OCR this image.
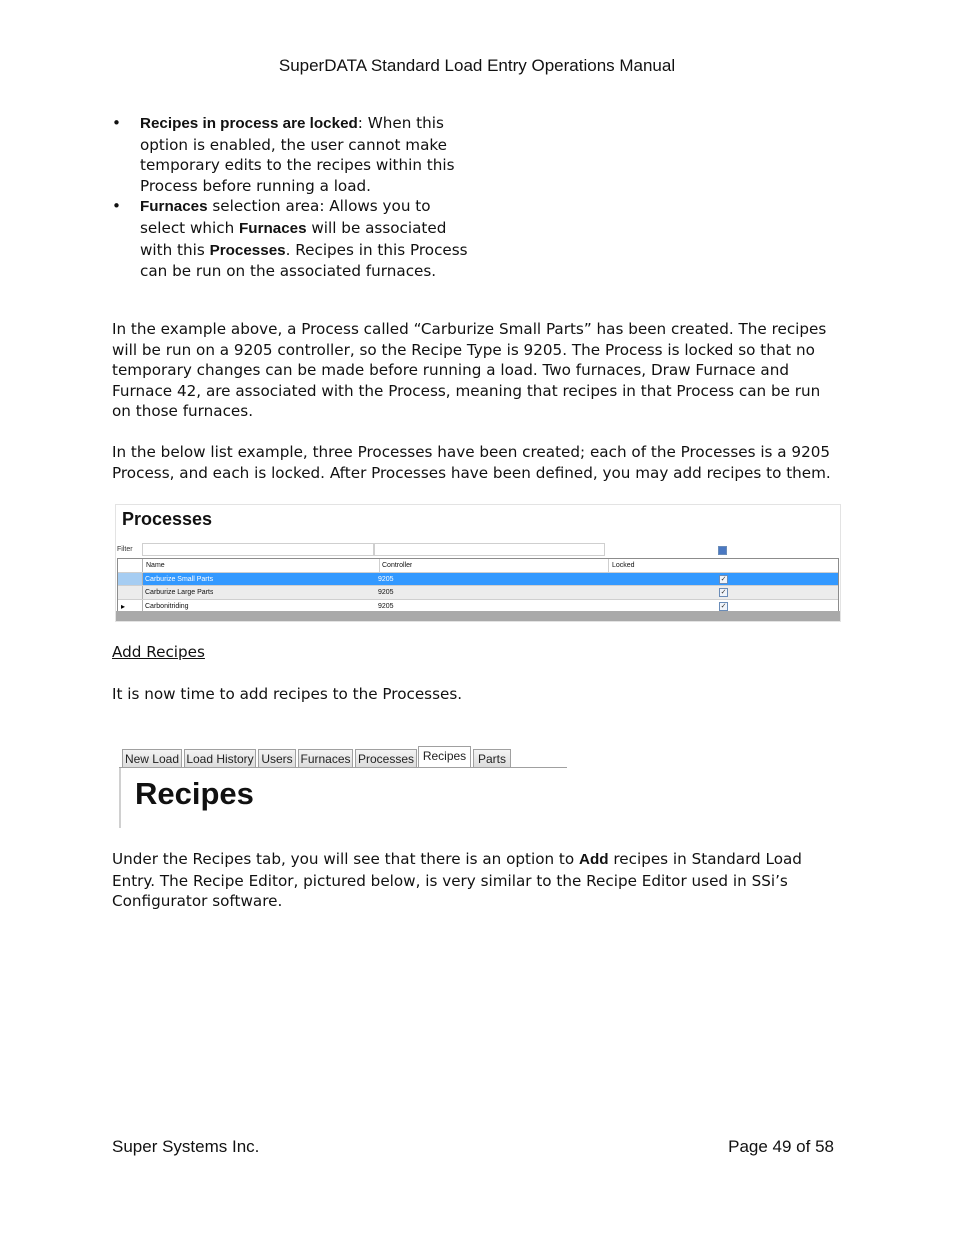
SuperDATA Standard Load Entry Operations Manual
• Recipes in process are locked: When this option is enabled, the user cannot make temporary edits to the recipes within this Process before running a load.
• Furnaces selection area: Allows you to select which Furnaces will be associated with this Processes. Recipes in this Process can be run on the associated furnaces.
In the example above, a Process called “Carburize Small Parts” has been created. The recipes will be run on a 9205 controller, so the Recipe Type is 9205. The Process is locked so that no temporary changes can be made before running a load. Two furnaces, Draw Furnace and Furnace 42, are associated with the Process, meaning that recipes in that Process can be run on those furnaces.
In the below list example, three Processes have been created; each of the Processes is a 9205 Process, and each is locked. After Processes have been defined, you may add recipes to them.
Processes
Filter
Name	Controller	Locked
Carburize Small Parts	9205	✓
Carburize Large Parts	9205	✓
▸	Carbonitriding	9205	✓
Add Recipes
It is now time to add recipes to the Processes.
New Load Load History Users Furnaces Processes Recipes Parts
Recipes
Under the Recipes tab, you will see that there is an option to Add recipes in Standard Load Entry. The Recipe Editor, pictured below, is very similar to the Recipe Editor used in SSi’s Configurator software.
Super Systems Inc.	Page 49 of 58
